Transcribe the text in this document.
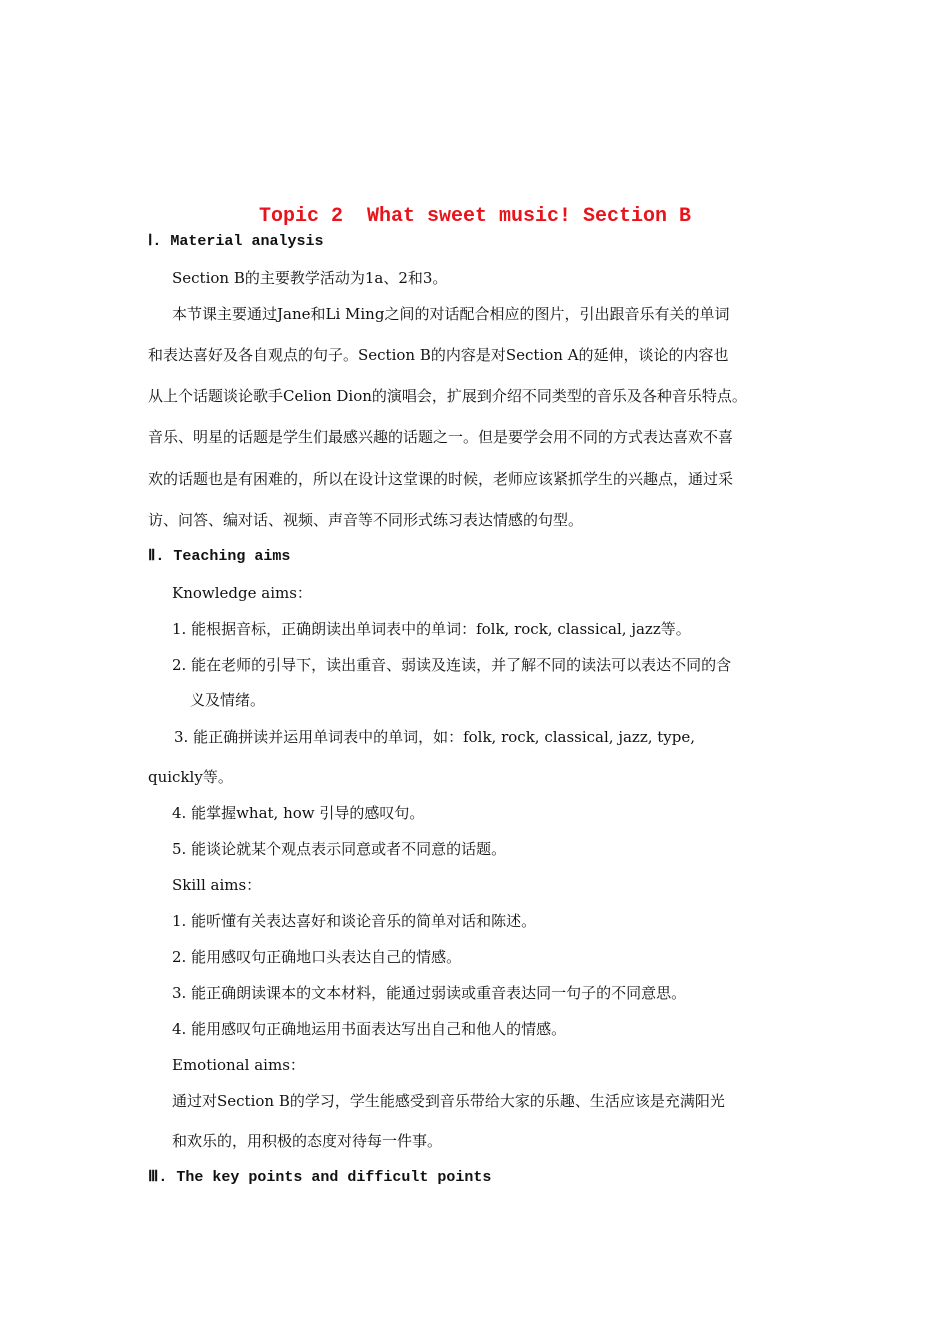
Topic 2  What sweet music! Section B
Ⅰ. Material analysis
Section B的主要教学活动为1a、2和3。
本节课主要通过Jane和Li Ming之间的对话配合相应的图片，引出跟音乐有关的单词
和表达喜好及各自观点的句子。Section B的内容是对Section A的延伸，谈论的内容也
从上个话题谈论歌手Celion Dion的演唱会，扩展到介绍不同类型的音乐及各种音乐特点。
音乐、明星的话题是学生们最感兴趣的话题之一。但是要学会用不同的方式表达喜欢不喜
欢的话题也是有困难的，所以在设计这堂课的时候，老师应该紧抓学生的兴趣点，通过采
访、问答、编对话、视频、声音等不同形式练习表达情感的句型。
Ⅱ. Teaching aims
Knowledge aims：
1. 能根据音标，正确朗读出单词表中的单词：folk, rock, classical, jazz等。
2. 能在老师的引导下，读出重音、弱读及连读，并了解不同的读法可以表达不同的含
义及情绪。
3. 能正确拼读并运用单词表中的单词，如：folk, rock, classical, jazz, type,
quickly等。
4. 能掌握what, how 引导的感叹句。
5. 能谈论就某个观点表示同意或者不同意的话题。
Skill aims：
1. 能听懂有关表达喜好和谈论音乐的简单对话和陈述。
2. 能用感叹句正确地口头表达自己的情感。
3. 能正确朗读课本的文本材料，能通过弱读或重音表达同一句子的不同意思。
4. 能用感叹句正确地运用书面表达写出自己和他人的情感。
Emotional aims：
通过对Section B的学习，学生能感受到音乐带给大家的乐趣、生活应该是充满阳光
和欢乐的，用积极的态度对待每一件事。
Ⅲ. The key points and difficult points
